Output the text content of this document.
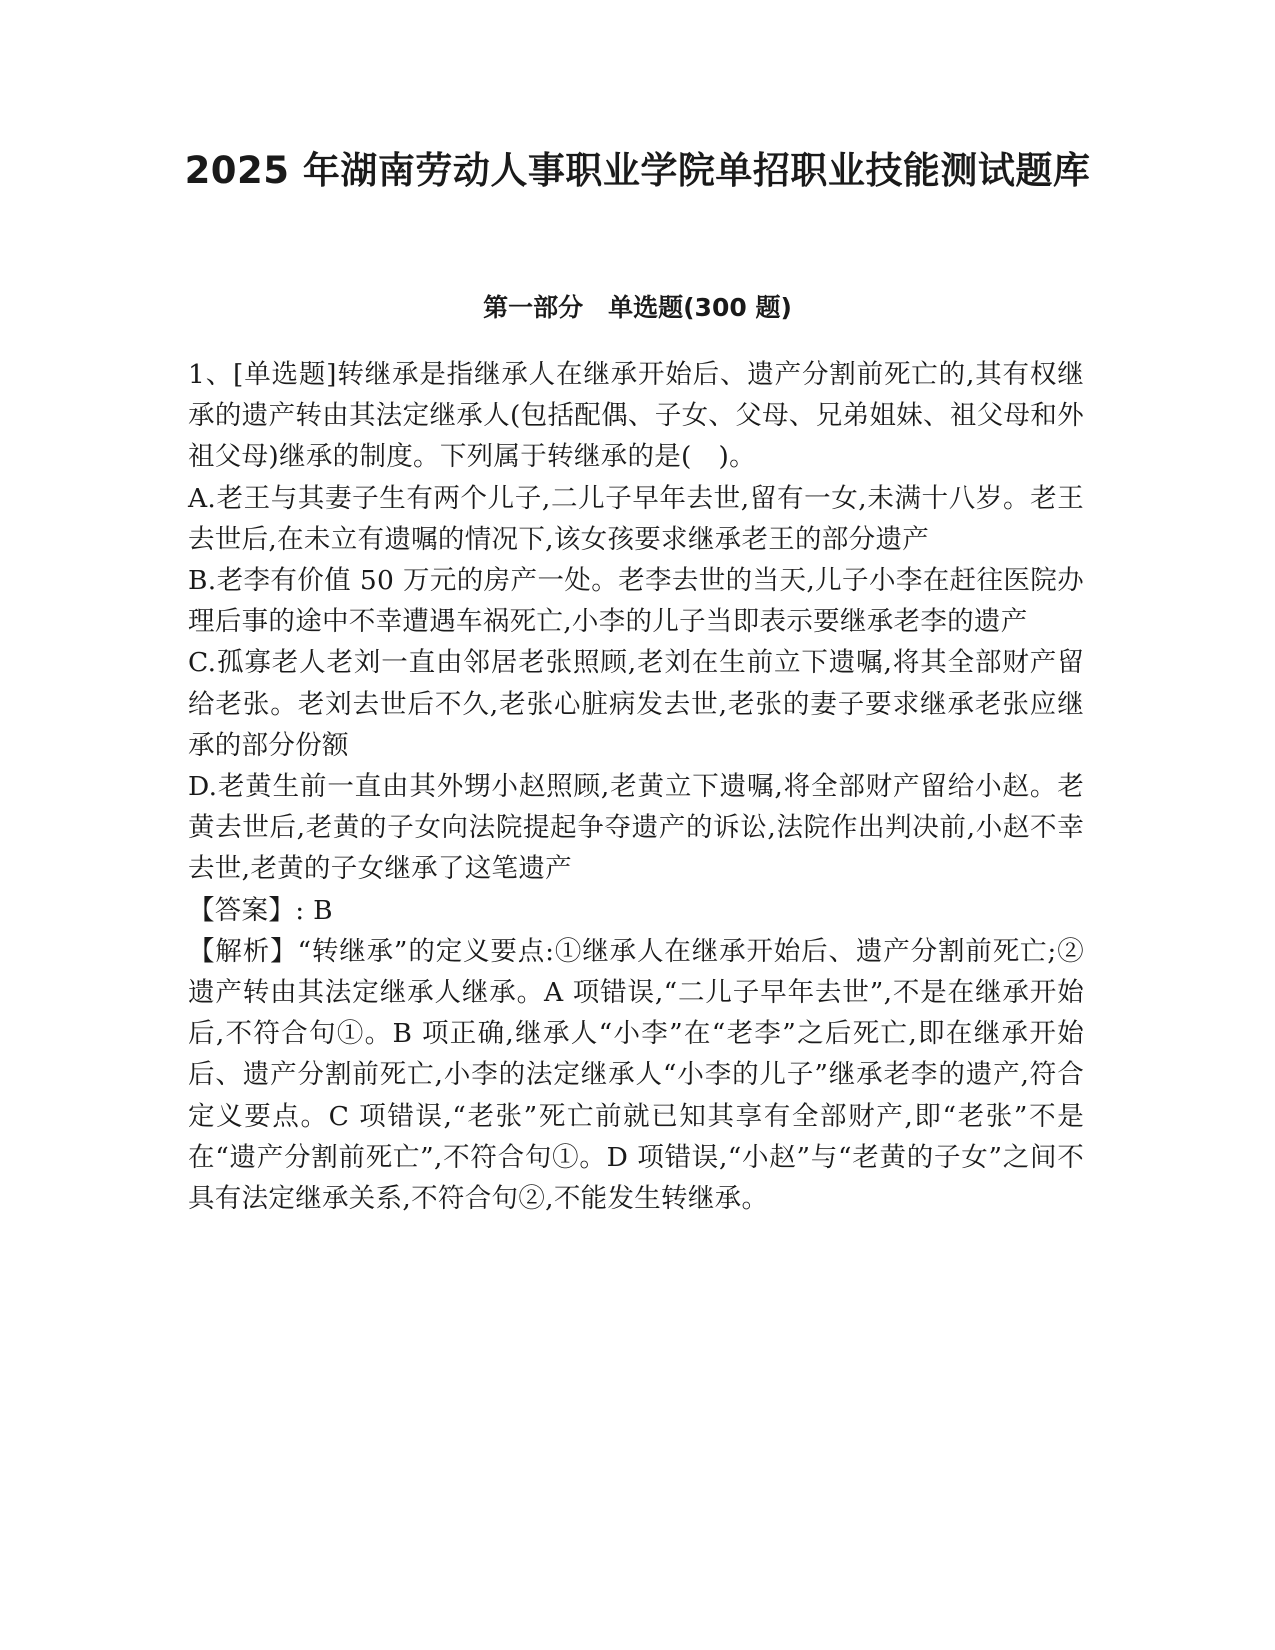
2025 年湖南劳动人事职业学院单招职业技能测试题库
第一部分　单选题(300 题)

1、[单选题]转继承是指继承人在继承开始后、遗产分割前死亡的,其有权继承的遗产转由其法定继承人(包括配偶、子女、父母、兄弟姐妹、祖父母和外祖父母)继承的制度。下列属于转继承的是(　)。

A.老王与其妻子生有两个儿子,二儿子早年去世,留有一女,未满十八岁。老王去世后,在未立有遗嘱的情况下,该女孩要求继承老王的部分遗产

B.老李有价值 50 万元的房产一处。老李去世的当天,儿子小李在赶往医院办理后事的途中不幸遭遇车祸死亡,小李的儿子当即表示要继承老李的遗产

C.孤寡老人老刘一直由邻居老张照顾,老刘在生前立下遗嘱,将其全部财产留给老张。老刘去世后不久,老张心脏病发去世,老张的妻子要求继承老张应继承的部分份额

D.老黄生前一直由其外甥小赵照顾,老黄立下遗嘱,将全部财产留给小赵。老黄去世后,老黄的子女向法院提起争夺遗产的诉讼,法院作出判决前,小赵不幸去世,老黄的子女继承了这笔遗产

【答案】: B

【解析】“转继承”的定义要点:①继承人在继承开始后、遗产分割前死亡;②遗产转由其法定继承人继承。A 项错误,“二儿子早年去世”,不是在继承开始后,不符合句①。B 项正确,继承人“小李”在“老李”之后死亡,即在继承开始后、遗产分割前死亡,小李的法定继承人“小李的儿子”继承老李的遗产,符合定义要点。C 项错误,“老张”死亡前就已知其享有全部财产,即“老张”不是在“遗产分割前死亡”,不符合句①。D 项错误,“小赵”与“老黄的子女”之间不具有法定继承关系,不符合句②,不能发生转继承。
